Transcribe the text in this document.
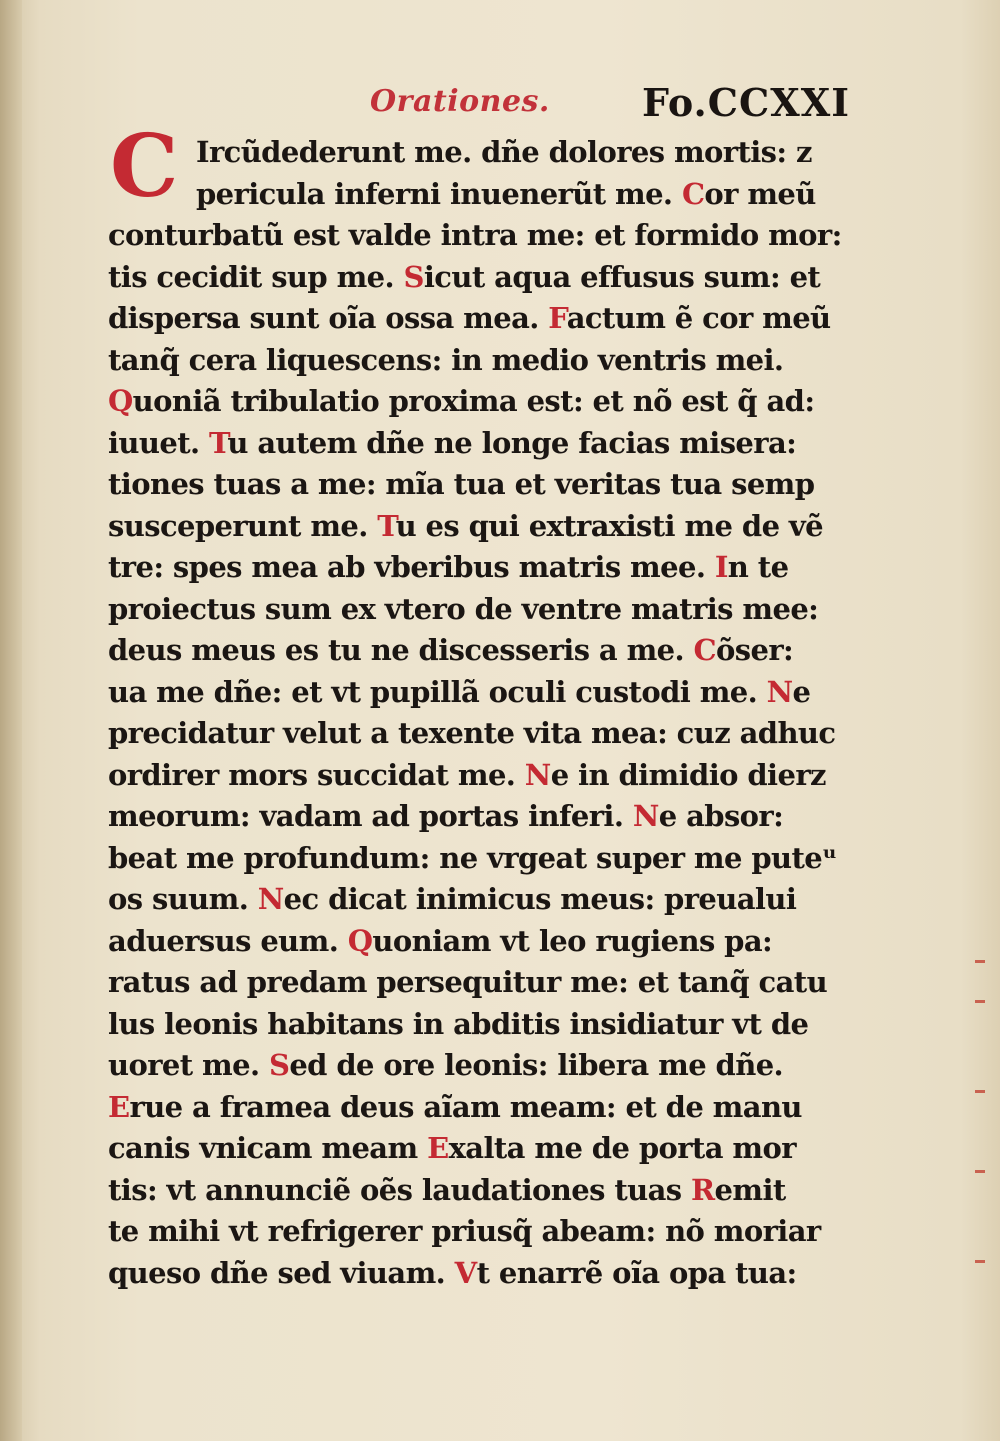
Orationes. Fo.CCXXI
C Ircũdederunt me. dñe dolores mortis: z
pericula inferni inuenerũt me. Cor meũ
conturbatũ est valde intra me: et formido mor:
tis cecidit sup me. Sicut aqua effusus sum: et
dispersa sunt oĩa ossa mea. Factum ẽ cor meũ
tanq̃ cera liquescens: in medio ventris mei.
Quoniã tribulatio proxima est: et nõ est q̃ ad:
iuuet. Tu autem dñe ne longe facias misera:
tiones tuas a me: mĩa tua et veritas tua semp
susceperunt me. Tu es qui extraxisti me de vẽ
tre: spes mea ab vberibus matris mee. In te
proiectus sum ex vtero de ventre matris mee:
deus meus es tu ne discesseris a me. Cõser:
ua me dñe: et vt pupillã oculi custodi me. Ne
precidatur velut a texente vita mea: cuz adhuc
ordirer mors succidat me. Ne in dimidio dierz
meorum: vadam ad portas inferi. Ne absor:
beat me profundum: ne vrgeat super me puteᵘ
os suum. Nec dicat inimicus meus: preualui
aduersus eum. Quoniam vt leo rugiens pa:
ratus ad predam persequitur me: et tanq̃ catu
lus leonis habitans in abditis insidiatur vt de
uoret me. Sed de ore leonis: libera me dñe.
Erue a framea deus aĩam meam: et de manu
canis vnicam meam Exalta me de porta mor
tis: vt annunciẽ oẽs laudationes tuas Remit
te mihi vt refrigerer priusq̃ abeam: nõ moriar
queso dñe sed viuam. Vt enarrẽ oĩa opa tua:
